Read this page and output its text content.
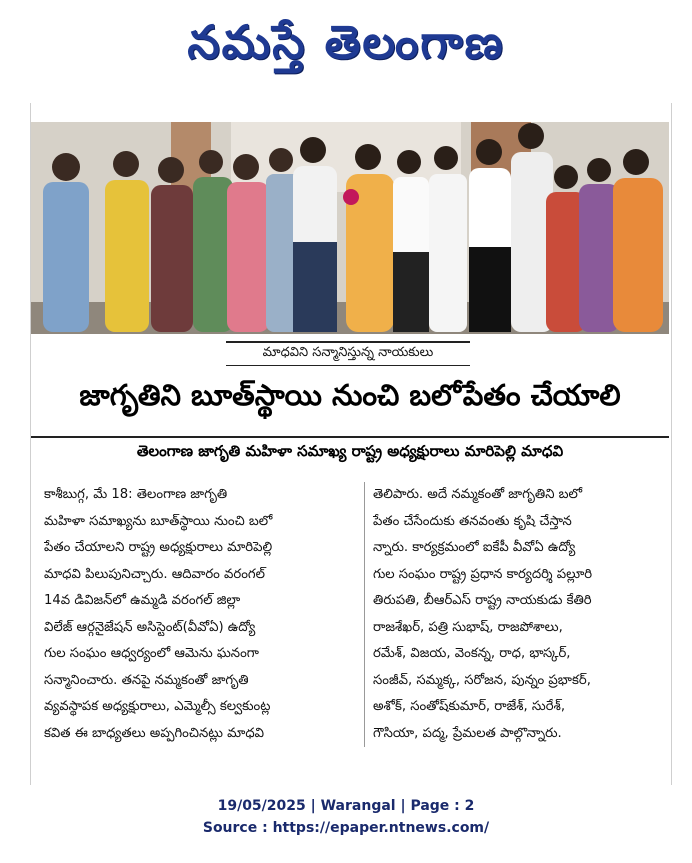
నమస్తే తెలంగాణ
మాధవిని సన్మానిస్తున్న నాయకులు
జాగృతిని బూత్‌స్థాయి నుంచి బలోపేతం చేయాలి
తెలంగాణ జాగృతి మహిళా సమాఖ్య రాష్ట్ర అధ్యక్షురాలు మారిపెల్లి మాధవి
కాశీబుగ్గ, మే 18: తెలంగాణ జాగృతి
మహిళా సమాఖ్యను బూత్‌స్థాయి నుంచి బలో
పేతం చేయాలని రాష్ట్ర అధ్యక్షురాలు మారిపెల్లి
మాధవి పిలుపునిచ్చారు. ఆదివారం వరంగల్
14వ డివిజన్‌లో ఉమ్మడి వరంగల్ జిల్లా
విలేజ్ ఆర్గనైజేషన్ అసిస్టెంట్(వీవోఏ) ఉద్యో
గుల సంఘం ఆధ్వర్యంలో ఆమెను ఘనంగా
సన్మానించారు. తనపై నమ్మకంతో జాగృతి
వ్యవస్థాపక అధ్యక్షురాలు, ఎమ్మెల్సీ కల్వకుంట్ల
కవిత ఈ బాధ్యతలు అప్పగించినట్లు మాధవి
తెలిపారు. అదే నమ్మకంతో జాగృతిని బలో
పేతం చేసేందుకు తనవంతు కృషి చేస్తాన
న్నారు. కార్యక్రమంలో ఐకేపీ వీవోఏ ఉద్యో
గుల సంఘం రాష్ట్ర ప్రధాన కార్యదర్శి పల్లూరి
తిరుపతి, బీఆర్‌ఎస్ రాష్ట్ర నాయకుడు కేతిరి
రాజశేఖర్, పత్రి సుభాష్, రాజపోశాలు,
రమేశ్, విజయ, వెంకన్న, రాధ, భాస్కర్,
సంజీవ్, సమ్మక్క, సరోజన, పున్నం ప్రభాకర్,
అశోక్, సంతోష్‌కుమార్, రాజేశ్, సురేశ్,
గౌసియా, పద్మ, ప్రేమలత పాల్గొన్నారు.
19/05/2025 | Warangal | Page : 2
Source : https://epaper.ntnews.com/
